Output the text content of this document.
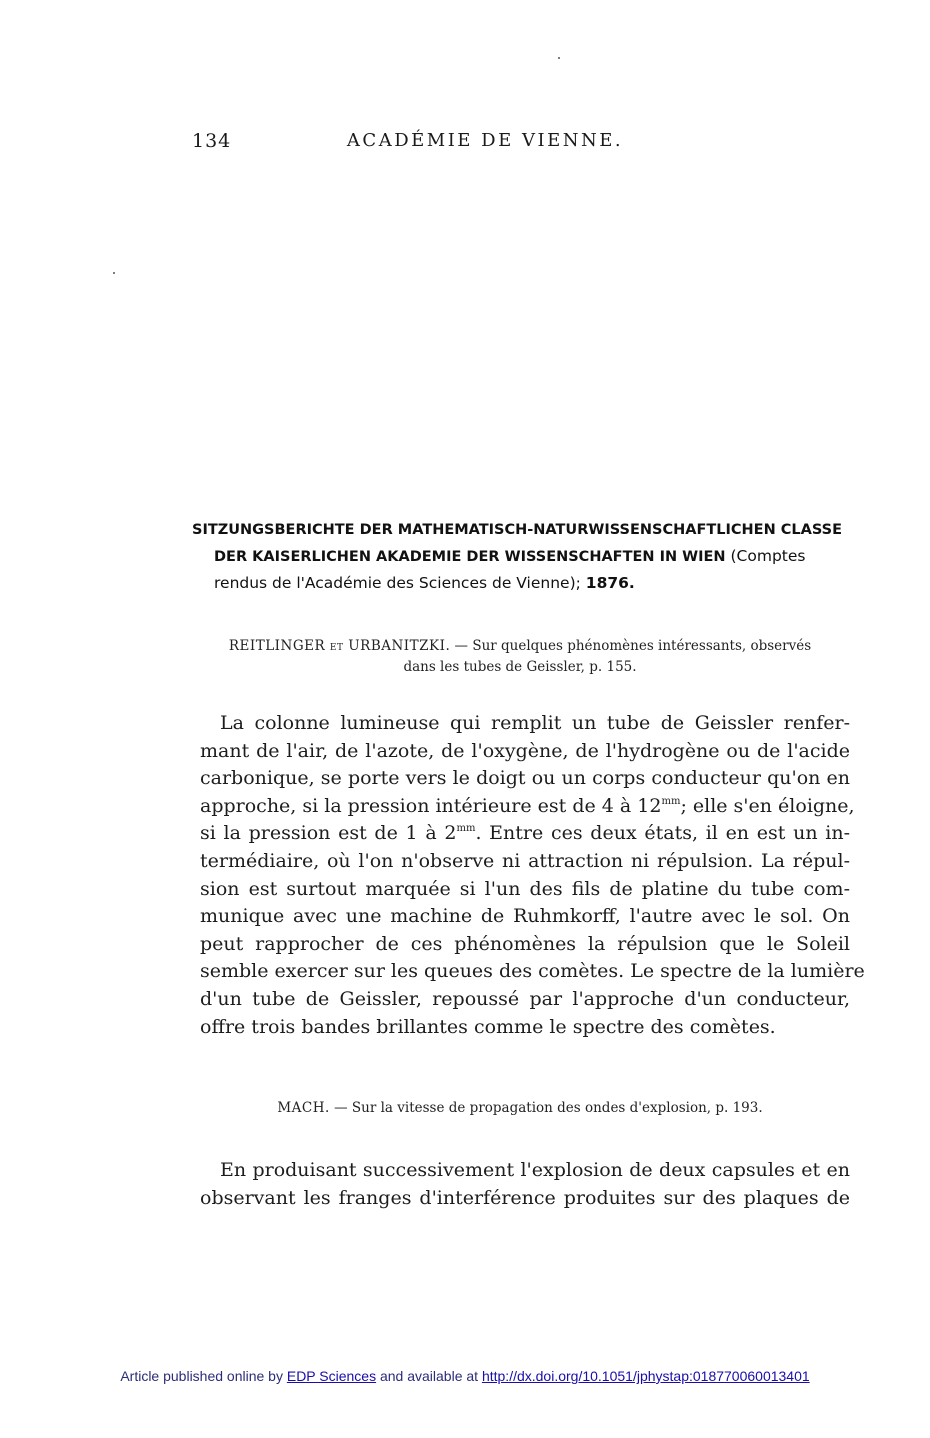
134	ACADÉMIE DE VIENNE.
SITZUNGSBERICHTE DER MATHEMATISCH-NATURWISSENSCHAFTLICHEN CLASSE
DER KAISERLICHEN AKADEMIE DER WISSENSCHAFTEN IN WIEN (Comptes
rendus de l'Académie des Sciences de Vienne); 1876.
REITLINGER et URBANITZKI. — Sur quelques phénomènes intéressants, observés
dans les tubes de Geissler, p. 155.
La colonne lumineuse qui remplit un tube de Geissler renfer-
mant de l'air, de l'azote, de l'oxygène, de l'hydrogène ou de l'acide
carbonique, se porte vers le doigt ou un corps conducteur qu'on en
approche, si la pression intérieure est de 4 à $12^{mm}$; elle s'en éloigne,
si la pression est de 1 à $2^{mm}$. Entre ces deux états, il en est un in-
termédiaire, où l'on n'observe ni attraction ni répulsion. La répul-
sion est surtout marquée si l'un des fils de platine du tube com-
munique avec une machine de Ruhmkorff, l'autre avec le sol. On
peut rapprocher de ces phénomènes la répulsion que le Soleil
semble exercer sur les queues des comètes. Le spectre de la lumière
d'un tube de Geissler, repoussé par l'approche d'un conducteur,
offre trois bandes brillantes comme le spectre des comètes.
MACH. — Sur la vitesse de propagation des ondes d'explosion, p. 193.
En produisant successivement l'explosion de deux capsules et en
observant les franges d'interférence produites sur des plaques de
Article published online by EDP Sciences and available at http://dx.doi.org/10.1051/jphystap:018770060013401
